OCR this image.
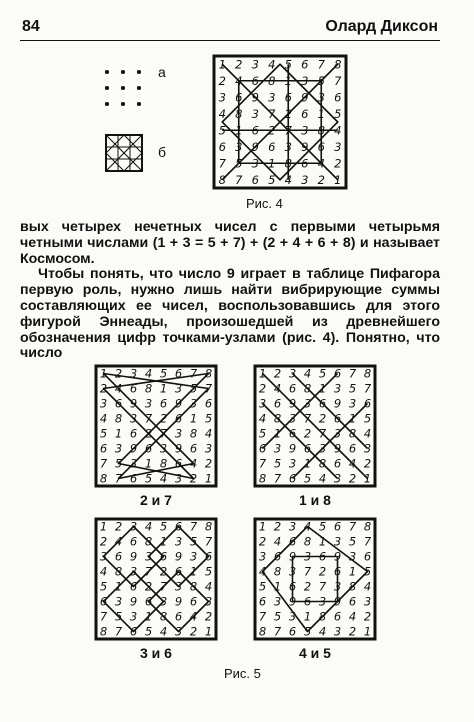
84	Олард Диксон
а
б
1 2 3 4 5 6 7 8
2 4 6 8 1 3 5 7
3 6 9 3 6 9 3 6
4 8 3 7 2 6 1 5
5 1 6 2 7 3 8 4
6 3 9 6 3 9 6 3
7 5 3 1 8 6 4 2
8 7 6 5 4 3 2 1
Рис. 4

вых четырех нечетных чисел с первыми четырьмя четными числами (1 + 3 = 5 + 7) + (2 + 4 + 6 + 8) и называет Космосом.

Чтобы понять, что число 9 играет в таблице Пифагора первую роль, нужно лишь найти вибрирующие суммы составляющих ее чисел, воспользовавшись для этого фигурой Эннеады, произошедшей из древнейшего обозначения цифр точками-узлами (рис. 4). Понятно, что число

1 2 3 4 5 6 7 8
2 4 6 8 1 3 5 7
3 6 9 3 6 9 3 6
4 8 3 7 2 6 1 5
5 1 6 2 7 3 8 4
6 3 9 6 3 9 6 3
7 5 3 1 8 6 4 2
8 7 6 5 4 3 2 1
2 и 7
1 2 3 4 5 6 7 8
2 4 6 8 1 3 5 7
3 6 9 3 6 9 3 6
4 8 3 7 2 6 1 5
5 1 6 2 7 3 8 4
6 3 9 6 3 9 6 3
7 5 3 1 8 6 4 2
8 7 6 5 4 3 2 1
1 и 8
1 2 3 4 5 6 7 8
2 4 6 8 1 3 5 7
3 6 9 3 6 9 3 6
4 8 3 7 2 6 1 5
5 1 6 2 7 3 8 4
6 3 9 6 3 9 6 3
7 5 3 1 8 6 4 2
8 7 6 5 4 3 2 1
3 и 6
1 2 3 4 5 6 7 8
2 4 6 8 1 3 5 7
3 6 9 3 6 9 3 6
4 8 3 7 2 6 1 5
5 1 6 2 7 3 8 4
6 3 9 6 3 9 6 3
7 5 3 1 8 6 4 2
8 7 6 5 4 3 2 1
4 и 5
Рис. 5
